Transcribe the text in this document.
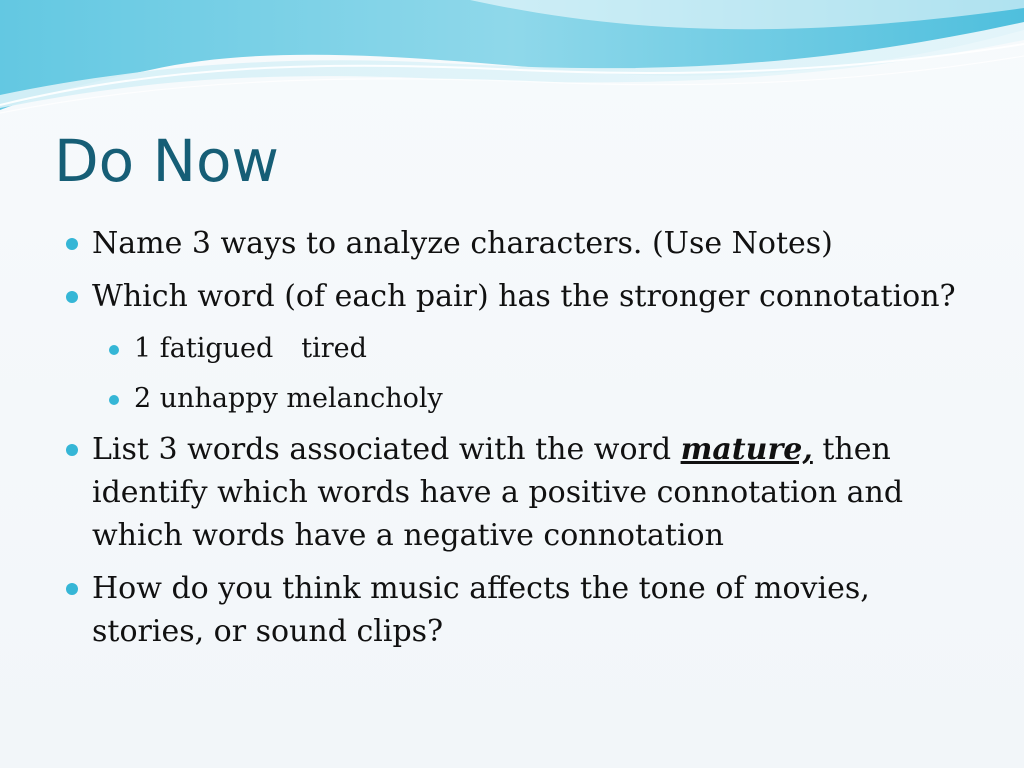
Do Now
Name 3 ways to analyze characters. (Use Notes)
Which word (of each pair) has the stronger connotation?
1 fatigued tired
2 unhappy melancholy
List 3 words associated with the word mature, then identify which words have a positive connotation and which words have a negative connotation
How do you think music affects the tone of movies, stories, or sound clips?
